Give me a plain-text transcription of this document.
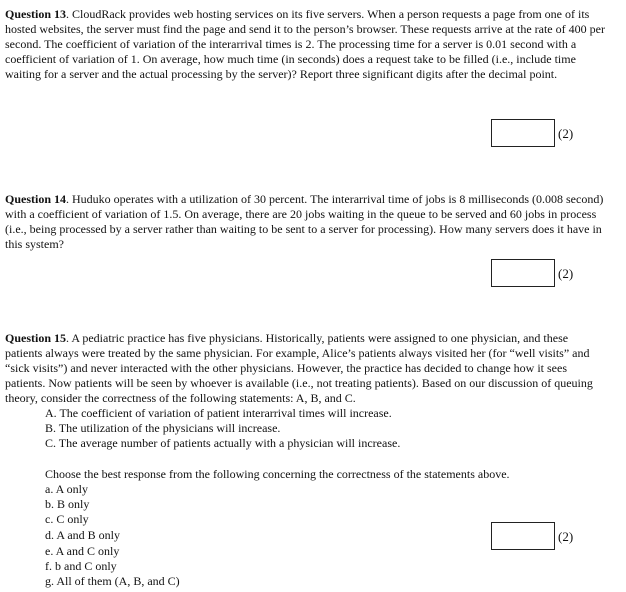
Question 13. CloudRack provides web hosting services on its five servers. When a person requests a page from one of its hosted websites, the server must find the page and send it to the person’s browser. These requests arrive at the rate of 400 per second. The coefficient of variation of the interarrival times is 2. The processing time for a server is 0.01 second with a coefficient of variation of 1. On average, how much time (in seconds) does a request take to be filled (i.e., include time waiting for a server and the actual processing by the server)? Report three significant digits after the decimal point.

(2)

Question 14. Huduko operates with a utilization of 30 percent. The interarrival time of jobs is 8 milliseconds (0.008 second) with a coefficient of variation of 1.5. On average, there are 20 jobs waiting in the queue to be served and 60 jobs in process (i.e., being processed by a server rather than waiting to be sent to a server for processing). How many servers does it have in this system?

(2)

Question 15. A pediatric practice has five physicians. Historically, patients were assigned to one physician, and these patients always were treated by the same physician. For example, Alice’s patients always visited her (for “well visits” and “sick visits”) and never interacted with the other physicians. However, the practice has decided to change how it sees patients. Now patients will be seen by whoever is available (i.e., not treating patients). Based on our discussion of queuing theory, consider the correctness of the following statements: A, B, and C.

A. The coefficient of variation of patient interarrival times will increase.

B. The utilization of the physicians will increase.

C. The average number of patients actually with a physician will increase.

Choose the best response from the following concerning the correctness of the statements above.

a. A only

b. B only

c. C only

d. A and B only

e. A and C only

f. b and C only

g. All of them (A, B, and C)

(2)
